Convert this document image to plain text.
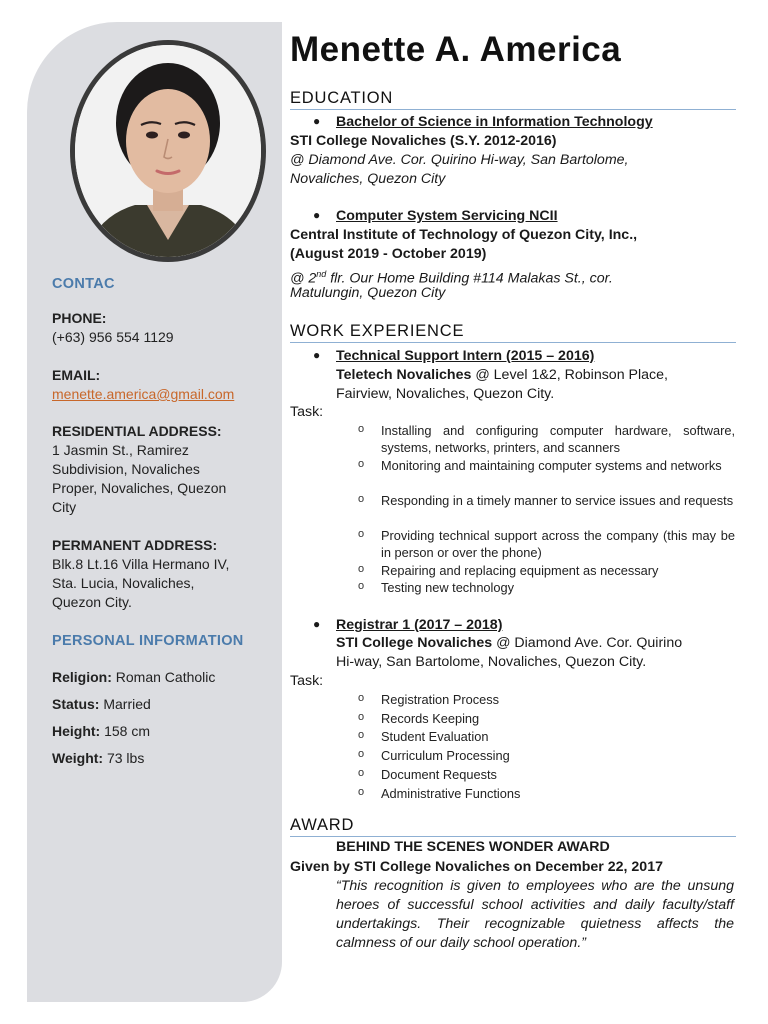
CONTAC
PHONE:
(+63) 956 554 1129
EMAIL:
menette.america@gmail.com
RESIDENTIAL ADDRESS:
1 Jasmin St., Ramirez
Subdivision, Novaliches
Proper, Novaliches, Quezon
City
PERMANENT ADDRESS:
Blk.8 Lt.16 Villa Hermano IV,
Sta. Lucia, Novaliches,
Quezon City.
PERSONAL INFORMATION
Religion: Roman Catholic
Status: Married
Height: 158 cm
Weight: 73 lbs
Menette A. America
EDUCATION
● Bachelor of Science in Information Technology
STI College Novaliches (S.Y. 2012-2016)
@ Diamond Ave. Cor. Quirino Hi-way, San Bartolome,
Novaliches, Quezon City
● Computer System Servicing NCII
Central Institute of Technology of Quezon City, Inc.,
(August 2019 - October 2019)
@ 2nd flr. Our Home Building #114 Malakas St., cor.
Matulungin, Quezon City
WORK EXPERIENCE
● Technical Support Intern (2015 – 2016)
Teletech Novaliches @ Level 1&2, Robinson Place,
Fairview, Novaliches, Quezon City.
Task:
o Installing and configuring computer hardware, software, systems, networks, printers, and scanners
o Monitoring and maintaining computer systems and networks
o Responding in a timely manner to service issues and requests
o Providing technical support across the company (this may be in person or over the phone)
o Repairing and replacing equipment as necessary
o Testing new technology
● Registrar 1 (2017 – 2018)
STI College Novaliches @ Diamond Ave. Cor. Quirino
Hi-way, San Bartolome, Novaliches, Quezon City.
Task:
o Registration Process
o Records Keeping
o Student Evaluation
o Curriculum Processing
o Document Requests
o Administrative Functions
AWARD
BEHIND THE SCENES WONDER AWARD
Given by STI College Novaliches on December 22, 2017
“This recognition is given to employees who are the unsung heroes of successful school activities and daily faculty/staff undertakings. Their recognizable quietness affects the calmness of our daily school operation.”
